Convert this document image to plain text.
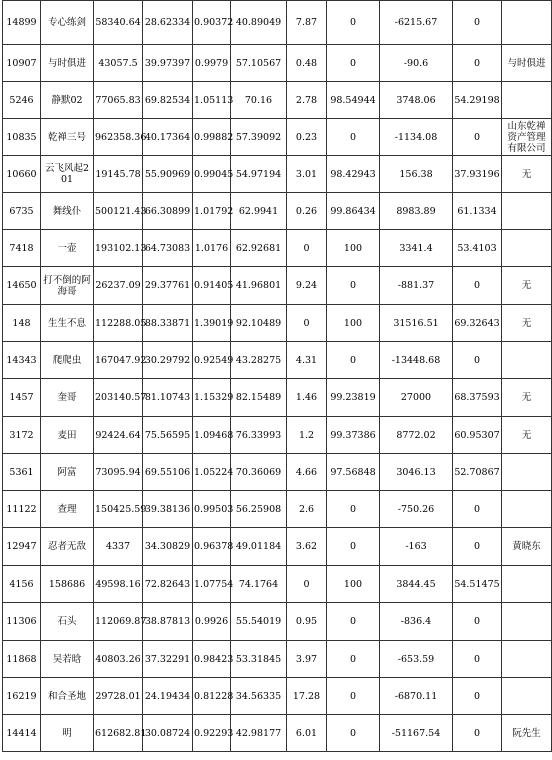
14899	专心练剑	58340.64	28.62334	0.90372	40.89049	7.87	0	-6215.67	0	
10907	与时俱进	43057.5	39.97397	0.9979	57.10567	0.48	0	-90.6	0	与时俱进
5246	静默02	77065.83	69.82534	1.05113	70.16	2.78	98.54944	3748.06	54.29198	
10835	乾禅三号	962358.36	40.17364	0.99882	57.39092	0.23	0	-1134.08	0	山东乾禅资产管理有限公司
10660	云飞风起201	19145.78	55.90969	0.99045	54.97194	3.01	98.42943	156.38	37.93196	无
6735	舞线仆	500121.43	66.30899	1.01792	62.9941	0.26	99.86434	8983.89	61.1334	
7418	一壶	193102.13	64.73083	1.0176	62.92681	0	100	3341.4	53.4103	
14650	打不倒的阿海哥	26237.09	29.37761	0.91405	41.96801	9.24	0	-881.37	0	无
148	生生不息	112288.05	88.33871	1.39019	92.10489	0	100	31516.51	69.32643	无
14343	爬爬虫	167047.92	30.29792	0.92549	43.28275	4.31	0	-13448.68	0	
1457	奎哥	203140.57	81.10743	1.15329	82.15489	1.46	99.23819	27000	68.37593	无
3172	麦田	92424.64	75.56595	1.09468	76.33993	1.2	99.37386	8772.02	60.95307	无
5361	阿富	73095.94	69.55106	1.05224	70.36069	4.66	97.56848	3046.13	52.70867	
11122	查理	150425.59	39.38136	0.99503	56.25908	2.6	0	-750.26	0	
12947	忍者无敌	4337	34.30829	0.96378	49.01184	3.62	0	-163	0	黄晓东
4156	158686	49598.16	72.82643	1.07754	74.1764	0	100	3844.45	54.51475	
11306	石头	112069.87	38.87813	0.9926	55.54019	0.95	0	-836.4	0	
11868	吴若晗	40803.26	37.32291	0.98423	53.31845	3.97	0	-653.59	0	
16219	和合圣地	29728.01	24.19434	0.81228	34.56335	17.28	0	-6870.11	0	
14414	明	612682.81	30.08724	0.92293	42.98177	6.01	0	-51167.54	0	阮先生
